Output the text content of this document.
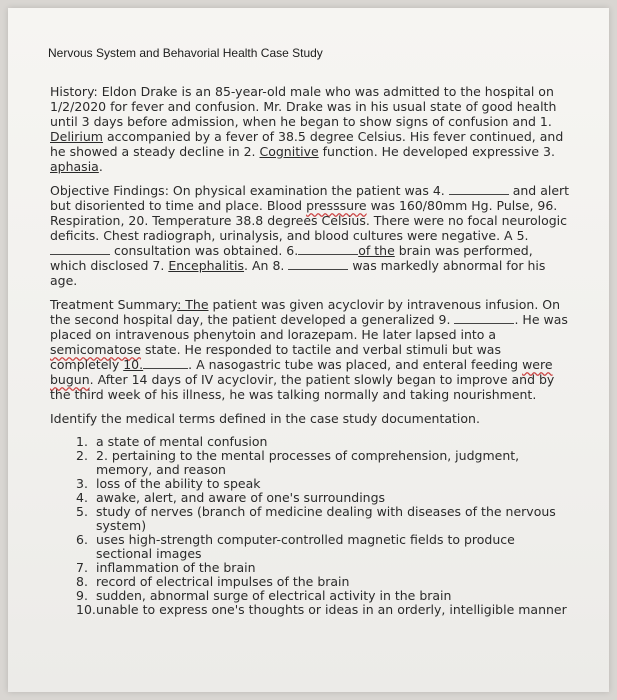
Nervous System and Behavorial Health Case Study

History: Eldon Drake is an 85-year-old male who was admitted to the hospital on 1/2/2020 for fever and confusion. Mr. Drake was in his usual state of good health until 3 days before admission, when he began to show signs of confusion and 1. Delirium accompanied by a fever of 38.5 degree Celsius. His fever continued, and he showed a steady decline in 2. Cognitive function. He developed expressive 3. aphasia.

Objective Findings: On physical examination the patient was 4.	and alert but disoriented to time and place. Blood presssure was 160/80mm Hg. Pulse, 96. Respiration, 20. Temperature 38.8 degrees Celsius. There were no focal neurologic deficits. Chest radiograph, urinalysis, and blood cultures were negative. A 5.  consultation was obtained. 6.	of the brain was performed, which disclosed 7. Encephalitis. An 8.	was markedly abnormal for his age.

Treatment Summary: The patient was given acyclovir by intravenous infusion. On the second hospital day, the patient developed a generalized 9.	. He was placed on intravenous phenytoin and lorazepam. He later lapsed into a semicomatose state. He responded to tactile and verbal stimuli but was completely 10.	. A nasogastric tube was placed, and enteral feeding were bugun. After 14 days of IV acyclovir, the patient slowly began to improve and by the third week of his illness, he was talking normally and taking nourishment.

Identify the medical terms defined in the case study documentation.

1. a state of mental confusion
2. 2. pertaining to the mental processes of comprehension, judgment, memory, and reason
3. loss of the ability to speak
4. awake, alert, and aware of one's surroundings
5. study of nerves (branch of medicine dealing with diseases of the nervous system)
6. uses high-strength computer-controlled magnetic fields to produce sectional images
7. inflammation of the brain
8. record of electrical impulses of the brain
9. sudden, abnormal surge of electrical activity in the brain
10. unable to express one's thoughts or ideas in an orderly, intelligible manner
